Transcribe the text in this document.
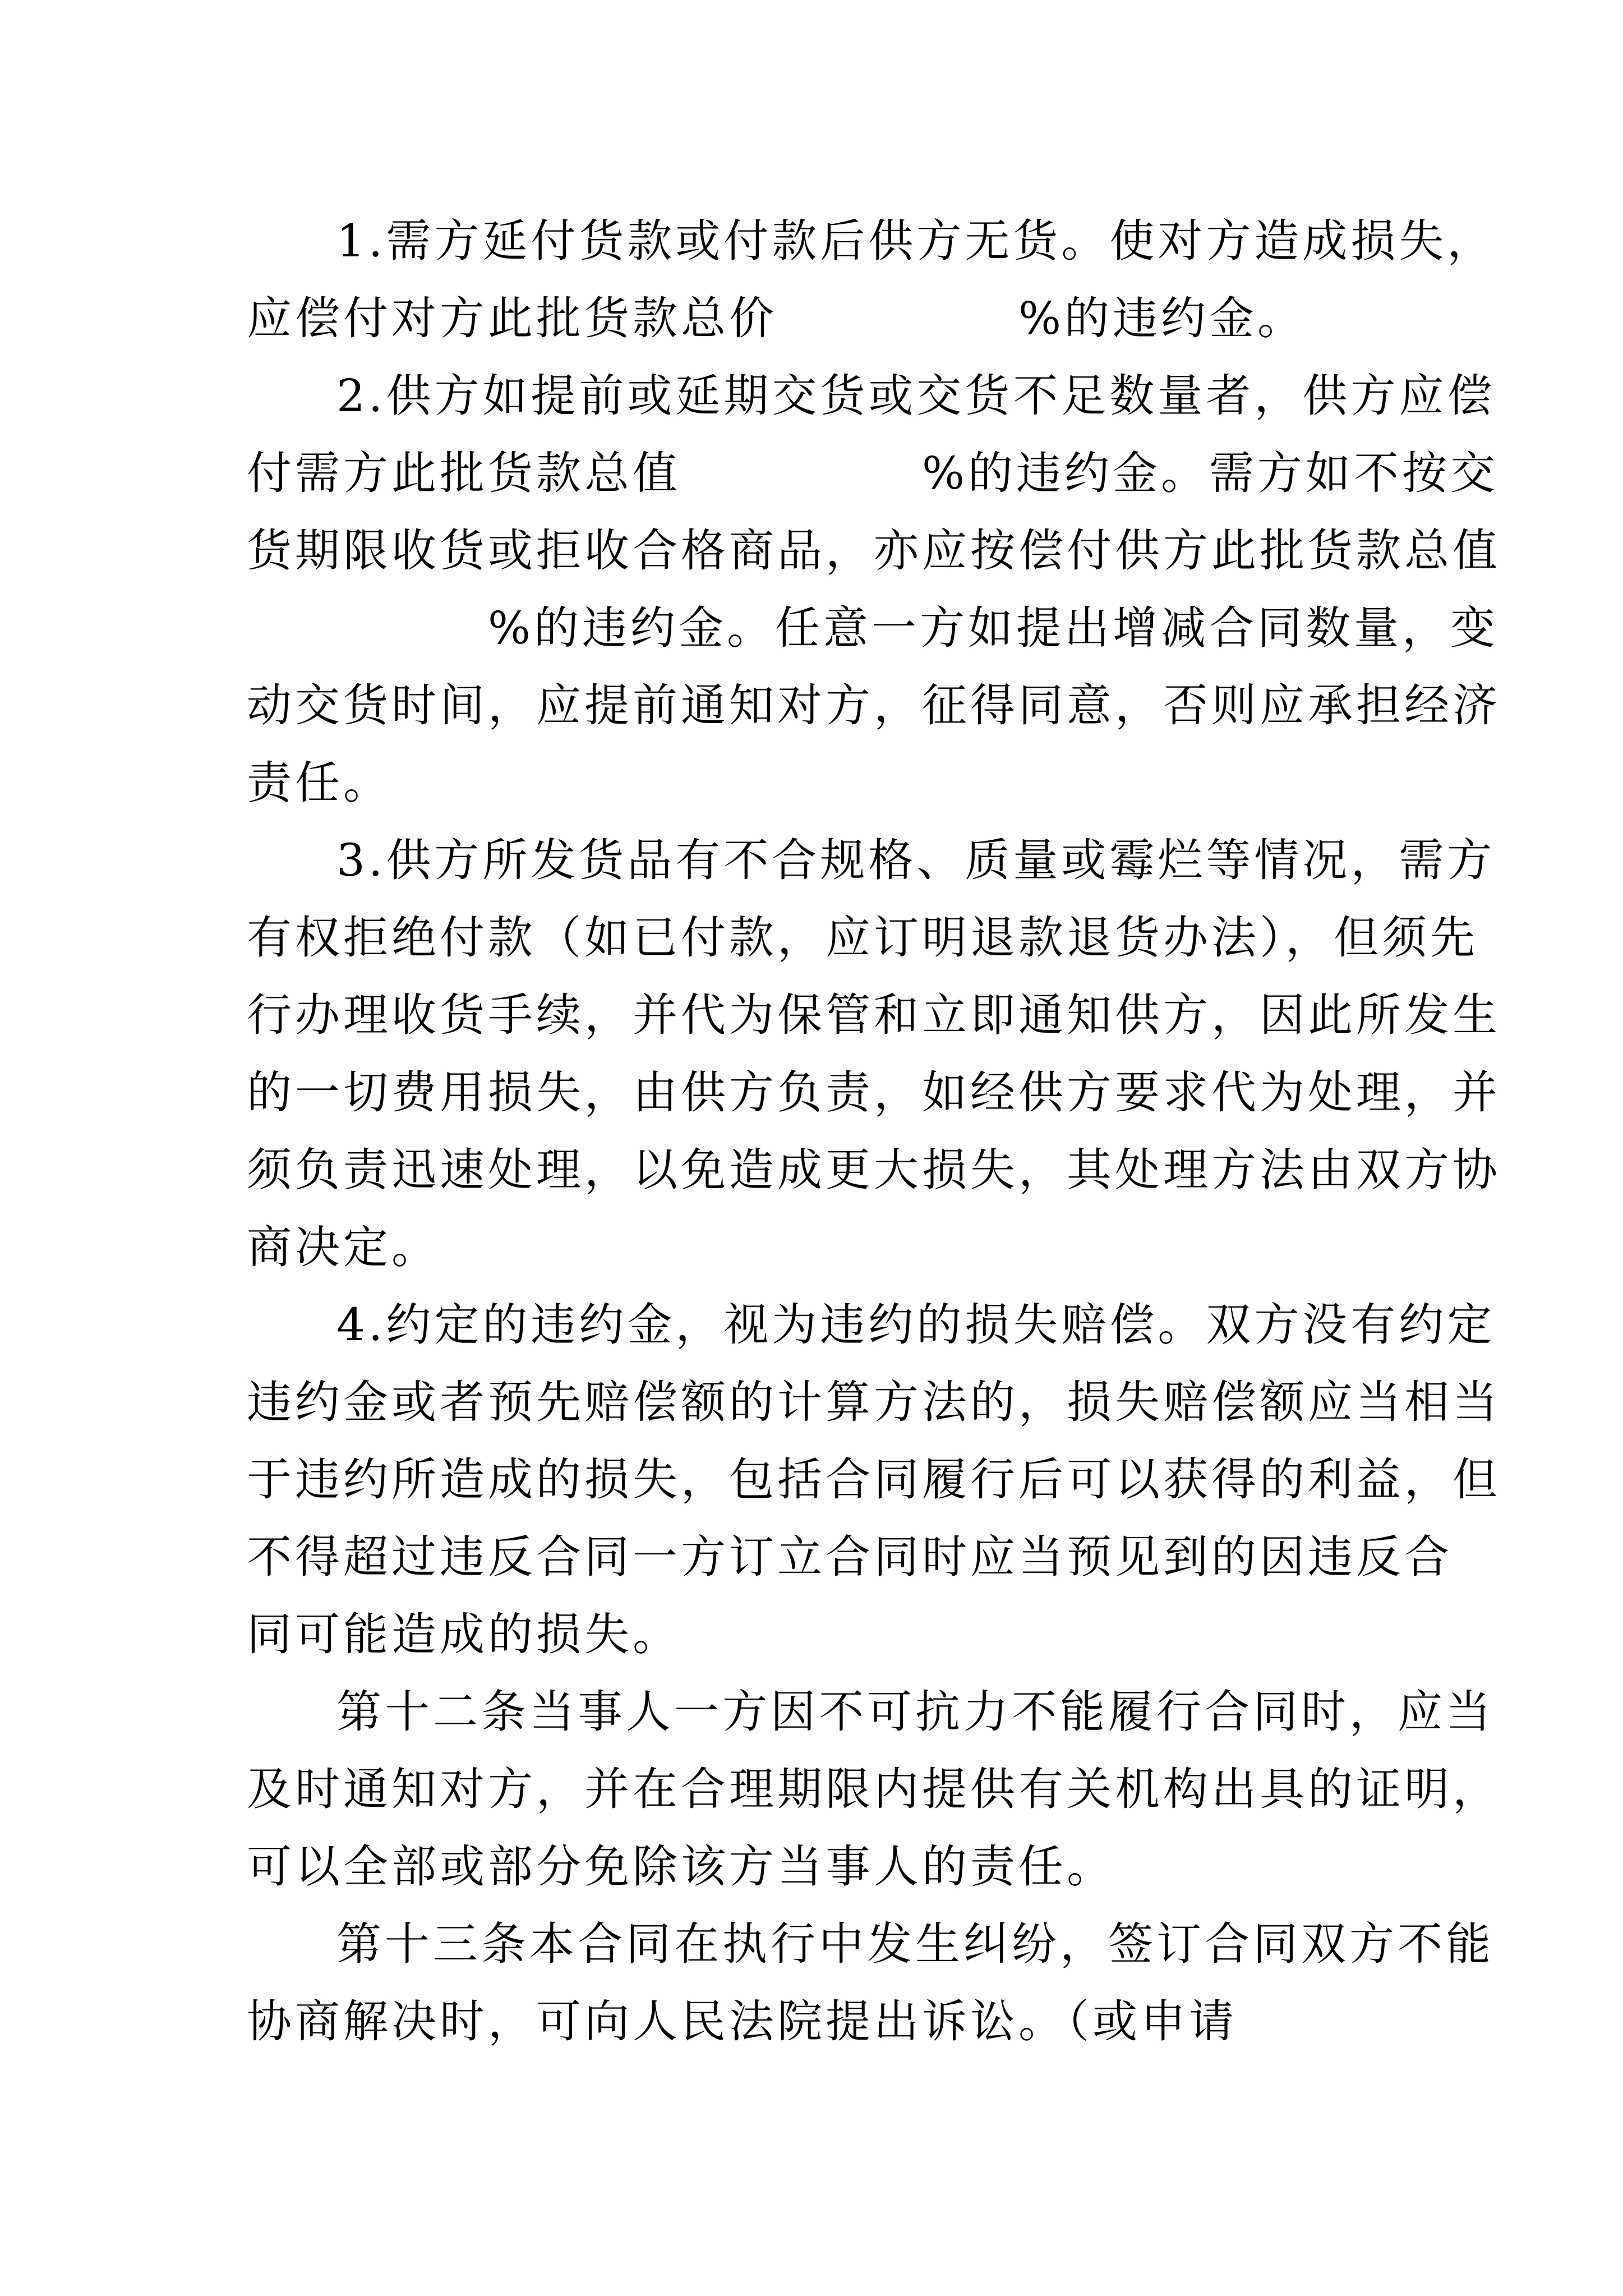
1.需方延付货款或付款后供方无货。使对方造成损失，
应偿付对方此批货款总价　　　　　%的违约金。
2.供方如提前或延期交货或交货不足数量者，供方应偿
付需方此批货款总值　　　　　%的违约金。需方如不按交
货期限收货或拒收合格商品，亦应按偿付供方此批货款总值
　　　　　%的违约金。任意一方如提出增减合同数量，变
动交货时间，应提前通知对方，征得同意，否则应承担经济
责任。
3.供方所发货品有不合规格、质量或霉烂等情况，需方
有权拒绝付款（如已付款，应订明退款退货办法），但须先
行办理收货手续，并代为保管和立即通知供方，因此所发生
的一切费用损失，由供方负责，如经供方要求代为处理，并
须负责迅速处理，以免造成更大损失，其处理方法由双方协
商决定。
4.约定的违约金，视为违约的损失赔偿。双方没有约定
违约金或者预先赔偿额的计算方法的，损失赔偿额应当相当
于违约所造成的损失，包括合同履行后可以获得的利益，但
不得超过违反合同一方订立合同时应当预见到的因违反合
同可能造成的损失。
第十二条当事人一方因不可抗力不能履行合同时，应当
及时通知对方，并在合理期限内提供有关机构出具的证明，
可以全部或部分免除该方当事人的责任。
第十三条本合同在执行中发生纠纷，签订合同双方不能
协商解决时，可向人民法院提出诉讼。（或申请
